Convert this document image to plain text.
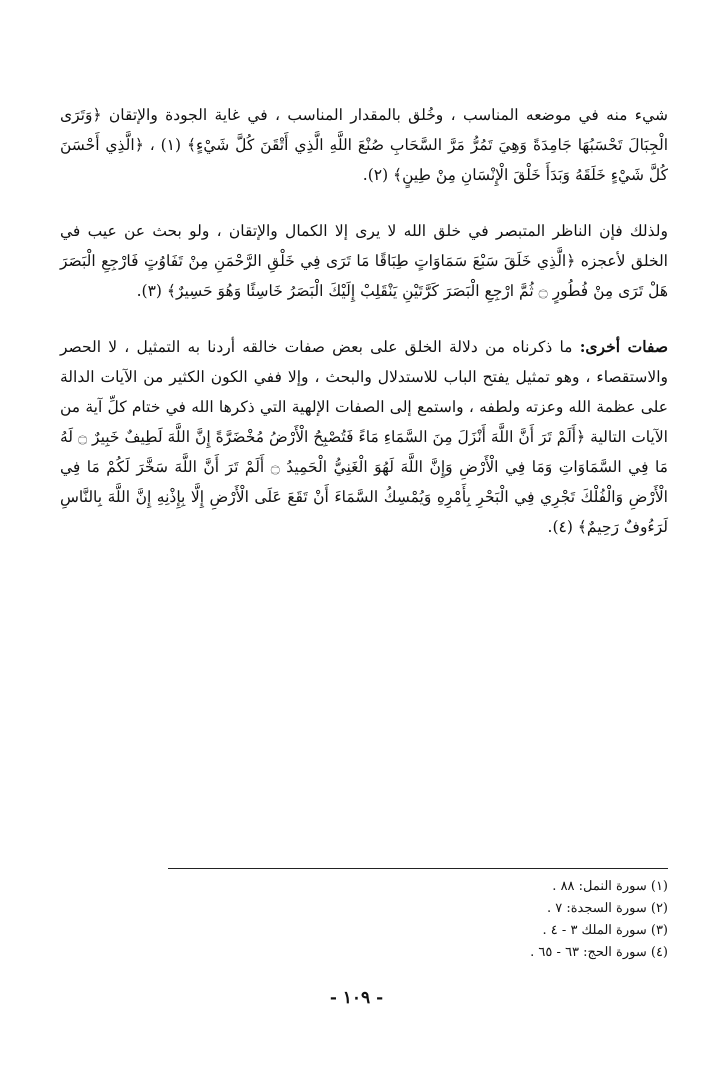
شيء منه في موضعه المناسب ، وخُلق بالمقدار المناسب ، في غاية الجودة والإتقان ﴿وَتَرَى الْجِبَالَ تَحْسَبُهَا جَامِدَةً وَهِيَ تَمُرُّ مَرَّ السَّحَابِ صُنْعَ اللَّهِ الَّذِي أَتْقَنَ كُلَّ شَيْءٍ﴾ (١) ، ﴿الَّذِي أَحْسَنَ كُلَّ شَيْءٍ خَلَقَهُ وَبَدَأَ خَلْقَ الْإِنْسَانِ مِنْ طِينٍ﴾ (٢).

ولذلك فإن الناظر المتبصر في خلق الله لا يرى إلا الكمال والإتقان ، ولو بحث عن عيب في الخلق لأعجزه ﴿الَّذِي خَلَقَ سَبْعَ سَمَاوَاتٍ طِبَاقًا مَا تَرَى فِي خَلْقِ الرَّحْمَنِ مِنْ تَفَاوُتٍ فَارْجِعِ الْبَصَرَ هَلْ تَرَى مِنْ فُطُورٍ ۝ ثُمَّ ارْجِعِ الْبَصَرَ كَرَّتَيْنِ يَنْقَلِبْ إِلَيْكَ الْبَصَرُ خَاسِئًا وَهُوَ حَسِيرٌ﴾ (٣).

صفات أخرى: ما ذكرناه من دلالة الخلق على بعض صفات خالقه أردنا به التمثيل ، لا الحصر والاستقصاء ، وهو تمثيل يفتح الباب للاستدلال والبحث ، وإلا ففي الكون الكثير من الآيات الدالة على عظمة الله وعزته ولطفه ، واستمع إلى الصفات الإلهية التي ذكرها الله في ختام كلِّ آية من الآيات التالية ﴿أَلَمْ تَرَ أَنَّ اللَّهَ أَنْزَلَ مِنَ السَّمَاءِ مَاءً فَتُصْبِحُ الْأَرْضُ مُخْضَرَّةً إِنَّ اللَّهَ لَطِيفٌ خَبِيرٌ ۝ لَهُ مَا فِي السَّمَاوَاتِ وَمَا فِي الْأَرْضِ وَإِنَّ اللَّهَ لَهُوَ الْغَنِيُّ الْحَمِيدُ ۝ أَلَمْ تَرَ أَنَّ اللَّهَ سَخَّرَ لَكُمْ مَا فِي الْأَرْضِ وَالْفُلْكَ تَجْرِي فِي الْبَحْرِ بِأَمْرِهِ وَيُمْسِكُ السَّمَاءَ أَنْ تَقَعَ عَلَى الْأَرْضِ إِلَّا بِإِذْنِهِ إِنَّ اللَّهَ بِالنَّاسِ لَرَءُوفٌ رَحِيمٌ﴾ (٤).

(١) سورة النمل: ٨٨ .
(٢) سورة السجدة: ٧ .
(٣) سورة الملك ٣ - ٤ .
(٤) سورة الحج: ٦٣ - ٦٥ .
- ١٠٩ -
